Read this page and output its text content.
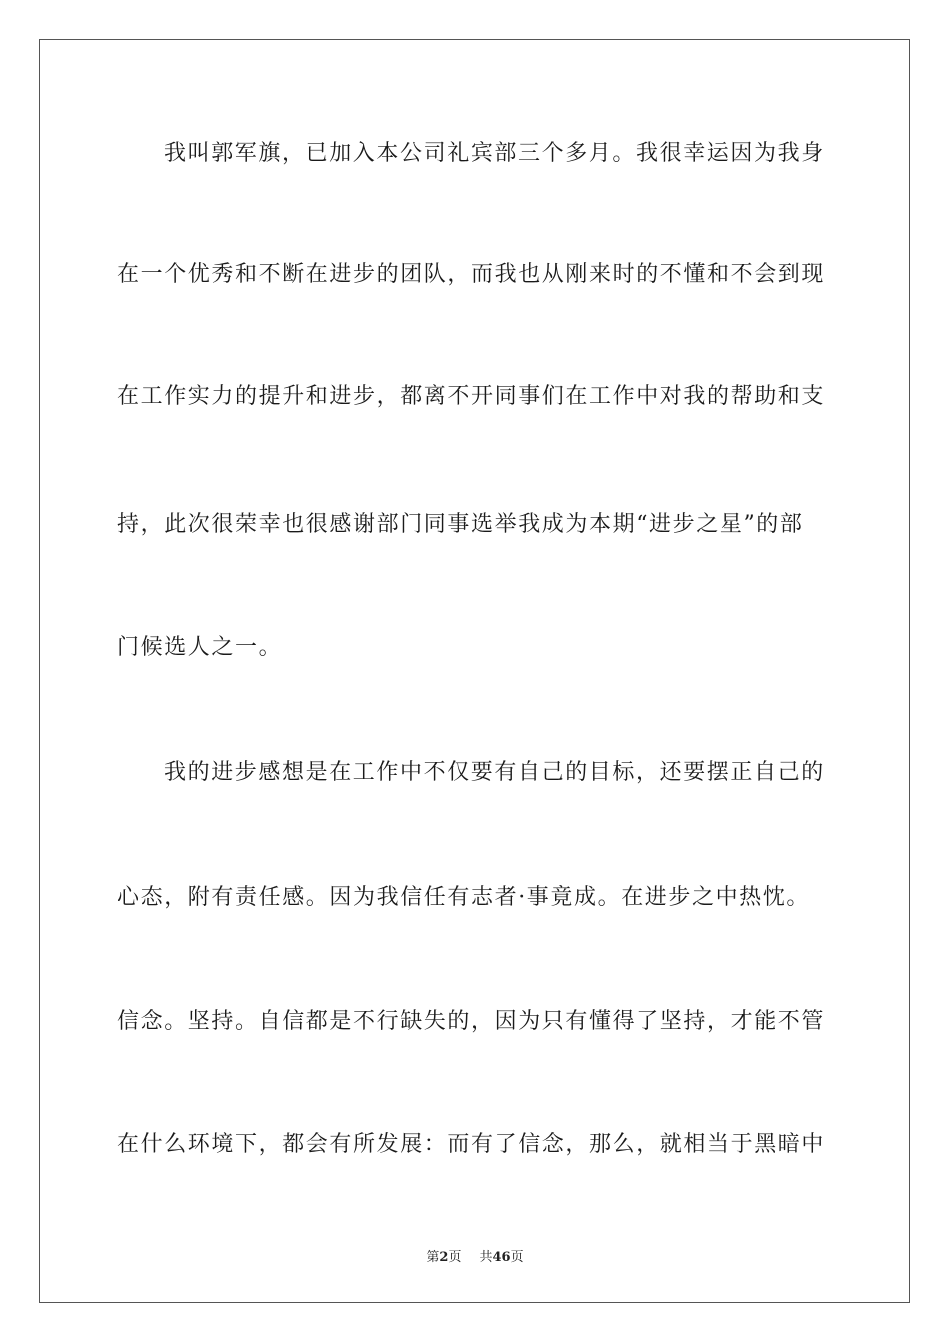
我叫郭军旗，已加入本公司礼宾部三个多月。我很幸运因为我身

在一个优秀和不断在进步的团队，而我也从刚来时的不懂和不会到现

在工作实力的提升和进步，都离不开同事们在工作中对我的帮助和支

持，此次很荣幸也很感谢部门同事选举我成为本期“进步之星”的部

门候选人之一。

我的进步感想是在工作中不仅要有自己的目标，还要摆正自己的

心态，附有责任感。因为我信任有志者·事竟成。在进步之中热忱。

信念。坚持。自信都是不行缺失的，因为只有懂得了坚持，才能不管

在什么环境下，都会有所发展：而有了信念，那么，就相当于黑暗中

第2页 共46页
